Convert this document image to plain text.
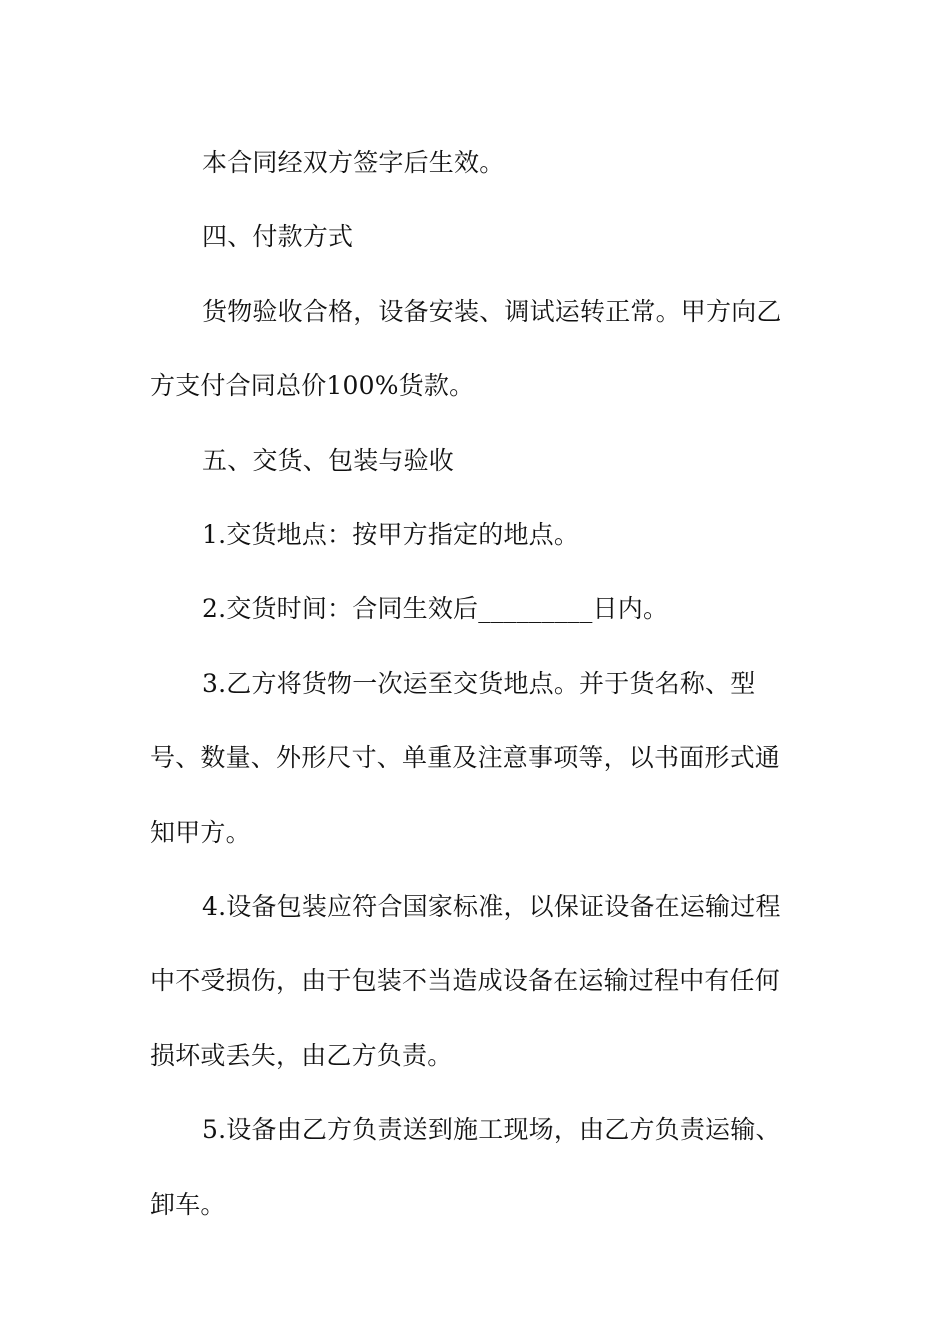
本合同经双方签字后生效。

四、付款方式

货物验收合格，设备安装、调试运转正常。甲方向乙方支付合同总价100%货款。

五、交货、包装与验收

1.交货地点：按甲方指定的地点。

2.交货时间：合同生效后_________日内。

3.乙方将货物一次运至交货地点。并于货名称、型号、数量、外形尺寸、单重及注意事项等，以书面形式通知甲方。

4.设备包装应符合国家标准，以保证设备在运输过程中不受损伤，由于包装不当造成设备在运输过程中有任何损坏或丢失，由乙方负责。

5.设备由乙方负责送到施工现场，由乙方负责运输、卸车。
